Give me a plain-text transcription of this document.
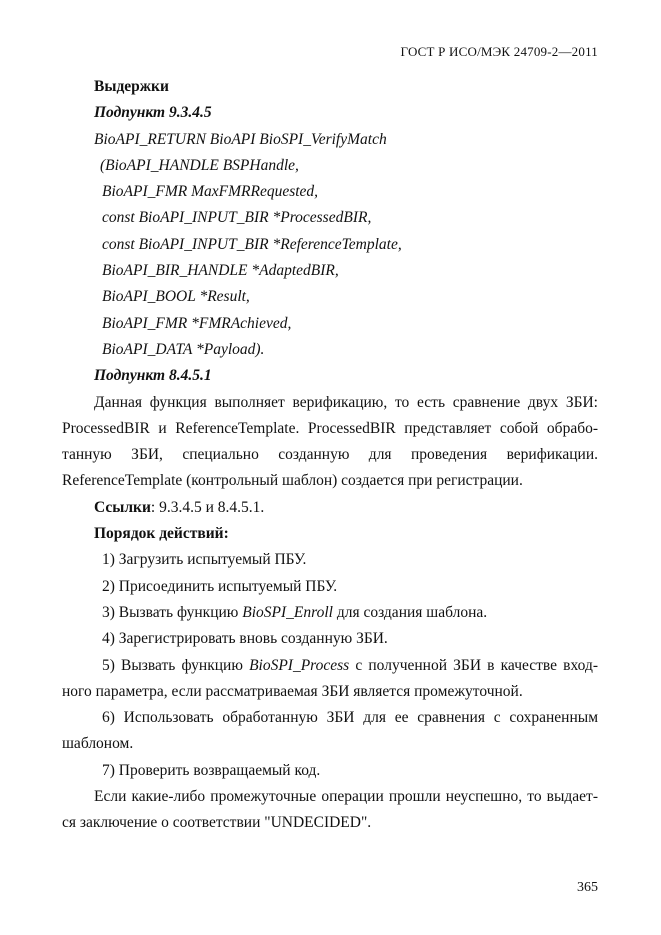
ГОСТ Р ИСО/МЭК 24709-2—2011
Выдержки
Подпункт 9.3.4.5
BioAPI_RETURN BioAPI BioSPI_VerifyMatch
(BioAPI_HANDLE BSPHandle,
BioAPI_FMR MaxFMRRequested,
const BioAPI_INPUT_BIR *ProcessedBIR,
const BioAPI_INPUT_BIR *ReferenceTemplate,
BioAPI_BIR_HANDLE *AdaptedBIR,
BioAPI_BOOL *Result,
BioAPI_FMR *FMRAchieved,
BioAPI_DATA *Payload).
Подпункт 8.4.5.1
Данная функция выполняет верификацию, то есть сравнение двух ЗБИ:
ProcessedBIR и ReferenceTemplate. ProcessedBIR представляет собой обрабо-
танную ЗБИ, специально созданную для проведения верификации.
ReferenceTemplate (контрольный шаблон) создается при регистрации.
Ссылки: 9.3.4.5 и 8.4.5.1.
Порядок действий:
1) Загрузить испытуемый ПБУ.
2) Присоединить испытуемый ПБУ.
3) Вызвать функцию BioSPI_Enroll для создания шаблона.
4) Зарегистрировать вновь созданную ЗБИ.
5) Вызвать функцию BioSPI_Process с полученной ЗБИ в качестве вход-
ного параметра, если рассматриваемая ЗБИ является промежуточной.
6) Использовать обработанную ЗБИ для ее сравнения с сохраненным
шаблоном.
7) Проверить возвращаемый код.
Если какие-либо промежуточные операции прошли неуспешно, то выдает-
ся заключение о соответствии "UNDECIDED".
365
